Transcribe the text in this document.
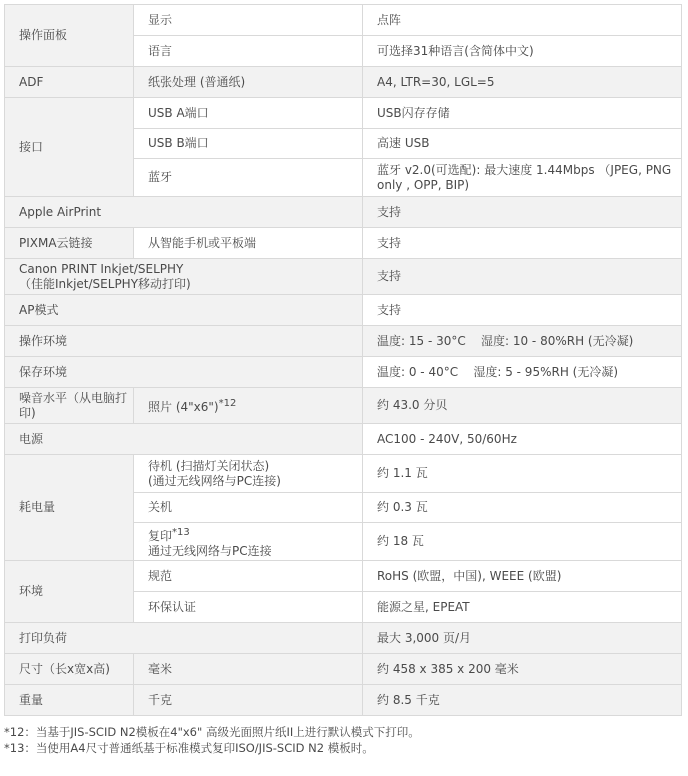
操作面板	显示	点阵
	语言	可选择31种语言(含简体中文)
ADF	纸张处理 (普通纸)	A4, LTR=30, LGL=5
接口	USB A端口	USB闪存存储
	USB B端口	高速 USB
	蓝牙	蓝牙 v2.0(可选配): 最大速度 1.44Mbps （JPEG, PNG
only , OPP, BIP)
Apple AirPrint		支持
PIXMA云链接	从智能手机或平板端	支持
Canon PRINT Inkjet/SELPHY
（佳能Inkjet/SELPHY移动打印)		支持
AP模式		支持
操作环境		温度: 15 - 30°C    湿度: 10 - 80%RH (无冷凝)
保存环境		温度: 0 - 40°C    湿度: 5 - 95%RH (无冷凝)
噪音水平（从电脑打
印)	照片 (4"x6")$^{*12}$	约 43.0 分贝
电源		AC100 - 240V, 50/60Hz
耗电量	待机 (扫描灯关闭状态)
(通过无线网络与PC连接)	约 1.1 瓦
	关机	约 0.3 瓦
	复印$^{*13}$
通过无线网络与PC连接	约 18 瓦
环境	规范	RoHS (欧盟，中国), WEEE (欧盟)
	环保认证	能源之星, EPEAT
打印负荷		最大 3,000 页/月
尺寸（长x宽x高)	毫米	约 458 x 385 x 200 毫米
重量	千克	约 8.5 千克
*12：当基于JIS-SCID N2模板在4"x6" 高级光面照片纸II上进行默认模式下打印。
*13：当使用A4尺寸普通纸基于标准模式复印ISO/JIS-SCID N2 模板时。
